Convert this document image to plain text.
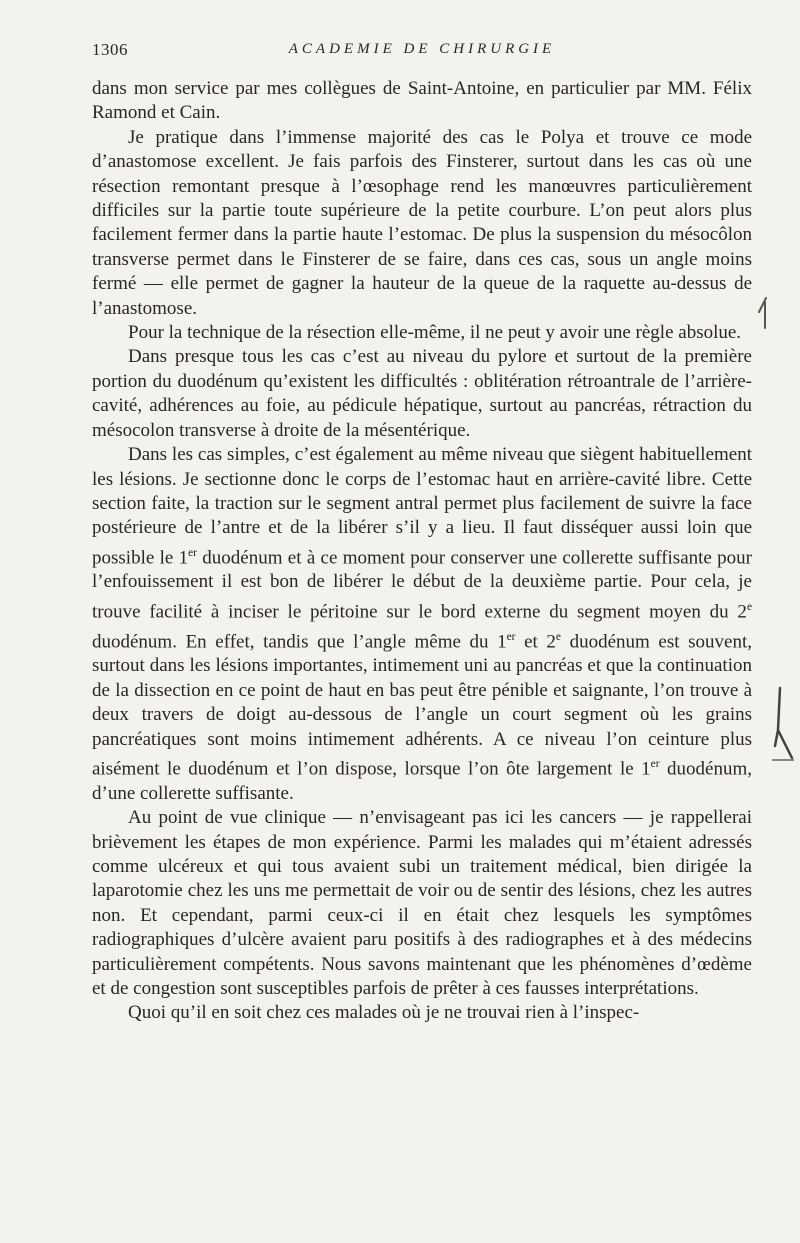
1306	ACADEMIE DE CHIRURGIE

dans mon service par mes collègues de Saint-Antoine, en particulier par MM. Félix Ramond et Cain.

Je pratique dans l’immense majorité des cas le Polya et trouve ce mode d’anastomose excellent. Je fais parfois des Finsterer, surtout dans les cas où une résection remontant presque à l’œsophage rend les manœuvres particulièrement difficiles sur la partie toute supérieure de la petite courbure. L’on peut alors plus facilement fermer dans la partie haute l’estomac. De plus la suspension du mésocôlon transverse permet dans le Finsterer de se faire, dans ces cas, sous un angle moins fermé — elle permet de gagner la hauteur de la queue de la raquette au-dessus de l’anastomose.

Pour la technique de la résection elle-même, il ne peut y avoir une règle absolue.

Dans presque tous les cas c’est au niveau du pylore et surtout de la première portion du duodénum qu’existent les difficultés : oblitération rétroantrale de l’arrière-cavité, adhérences au foie, au pédicule hépatique, surtout au pancréas, rétraction du mésocolon transverse à droite de la mésentérique.

Dans les cas simples, c’est également au même niveau que siègent habituellement les lésions. Je sectionne donc le corps de l’estomac haut en arrière-cavité libre. Cette section faite, la traction sur le segment antral permet plus facilement de suivre la face postérieure de l’antre et de la libérer s’il y a lieu. Il faut disséquer aussi loin que possible le 1er duodénum et à ce moment pour conserver une collerette suffisante pour l’enfouissement il est bon de libérer le début de la deuxième partie. Pour cela, je trouve facilité à inciser le péritoine sur le bord externe du segment moyen du 2e duodénum. En effet, tandis que l’angle même du 1er et 2e duodénum est souvent, surtout dans les lésions importantes, intimement uni au pancréas et que la continuation de la dissection en ce point de haut en bas peut être pénible et saignante, l’on trouve à deux travers de doigt au-dessous de l’angle un court segment où les grains pancréatiques sont moins intimement adhérents. A ce niveau l’on ceinture plus aisément le duodénum et l’on dispose, lorsque l’on ôte largement le 1er duodénum, d’une collerette suffisante.

Au point de vue clinique — n’envisageant pas ici les cancers — je rappellerai brièvement les étapes de mon expérience. Parmi les malades qui m’étaient adressés comme ulcéreux et qui tous avaient subi un traitement médical, bien dirigée la laparotomie chez les uns me permettait de voir ou de sentir des lésions, chez les autres non. Et cependant, parmi ceux-ci il en était chez lesquels les symptômes radiographiques d’ulcère avaient paru positifs à des radiographes et à des médecins particulièrement compétents. Nous savons maintenant que les phénomènes d’œdème et de congestion sont susceptibles parfois de prêter à ces fausses interprétations.

Quoi qu’il en soit chez ces malades où je ne trouvai rien à l’inspec-
